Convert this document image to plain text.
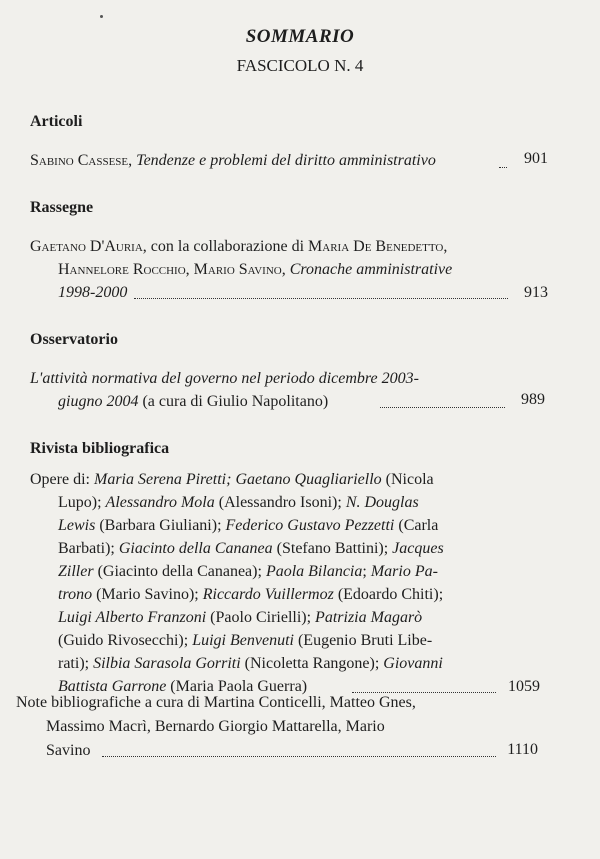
SOMMARIO
FASCICOLO N. 4
Articoli
Sabino Cassese, Tendenze e problemi del diritto amministrativo	901
Rassegne
Gaetano D'Auria, con la collaborazione di Maria De Benedetto,
Hannelore Rocchio, Mario Savino, Cronache amministrative
1998-2000	913
Osservatorio
L'attività normativa del governo nel periodo dicembre 2003-
giugno 2004 (a cura di Giulio Napolitano)	989
Rivista bibliografica
Opere di: Maria Serena Piretti; Gaetano Quagliariello (Nicola
Lupo); Alessandro Mola (Alessandro Isoni); N. Douglas
Lewis (Barbara Giuliani); Federico Gustavo Pezzetti (Carla
Barbati); Giacinto della Cananea (Stefano Battini); Jacques
Ziller (Giacinto della Cananea); Paola Bilancia; Mario Pa-
trono (Mario Savino); Riccardo Vuillermoz (Edoardo Chiti);
Luigi Alberto Franzoni (Paolo Cirielli); Patrizia Magarò
(Guido Rivosecchi); Luigi Benvenuti (Eugenio Bruti Libe-
rati); Silbia Sarasola Gorriti (Nicoletta Rangone); Giovanni
Battista Garrone (Maria Paola Guerra)	1059
Note bibliografiche a cura di Martina Conticelli, Matteo Gnes,
Massimo Macrì, Bernardo Giorgio Mattarella, Mario
Savino	1110
